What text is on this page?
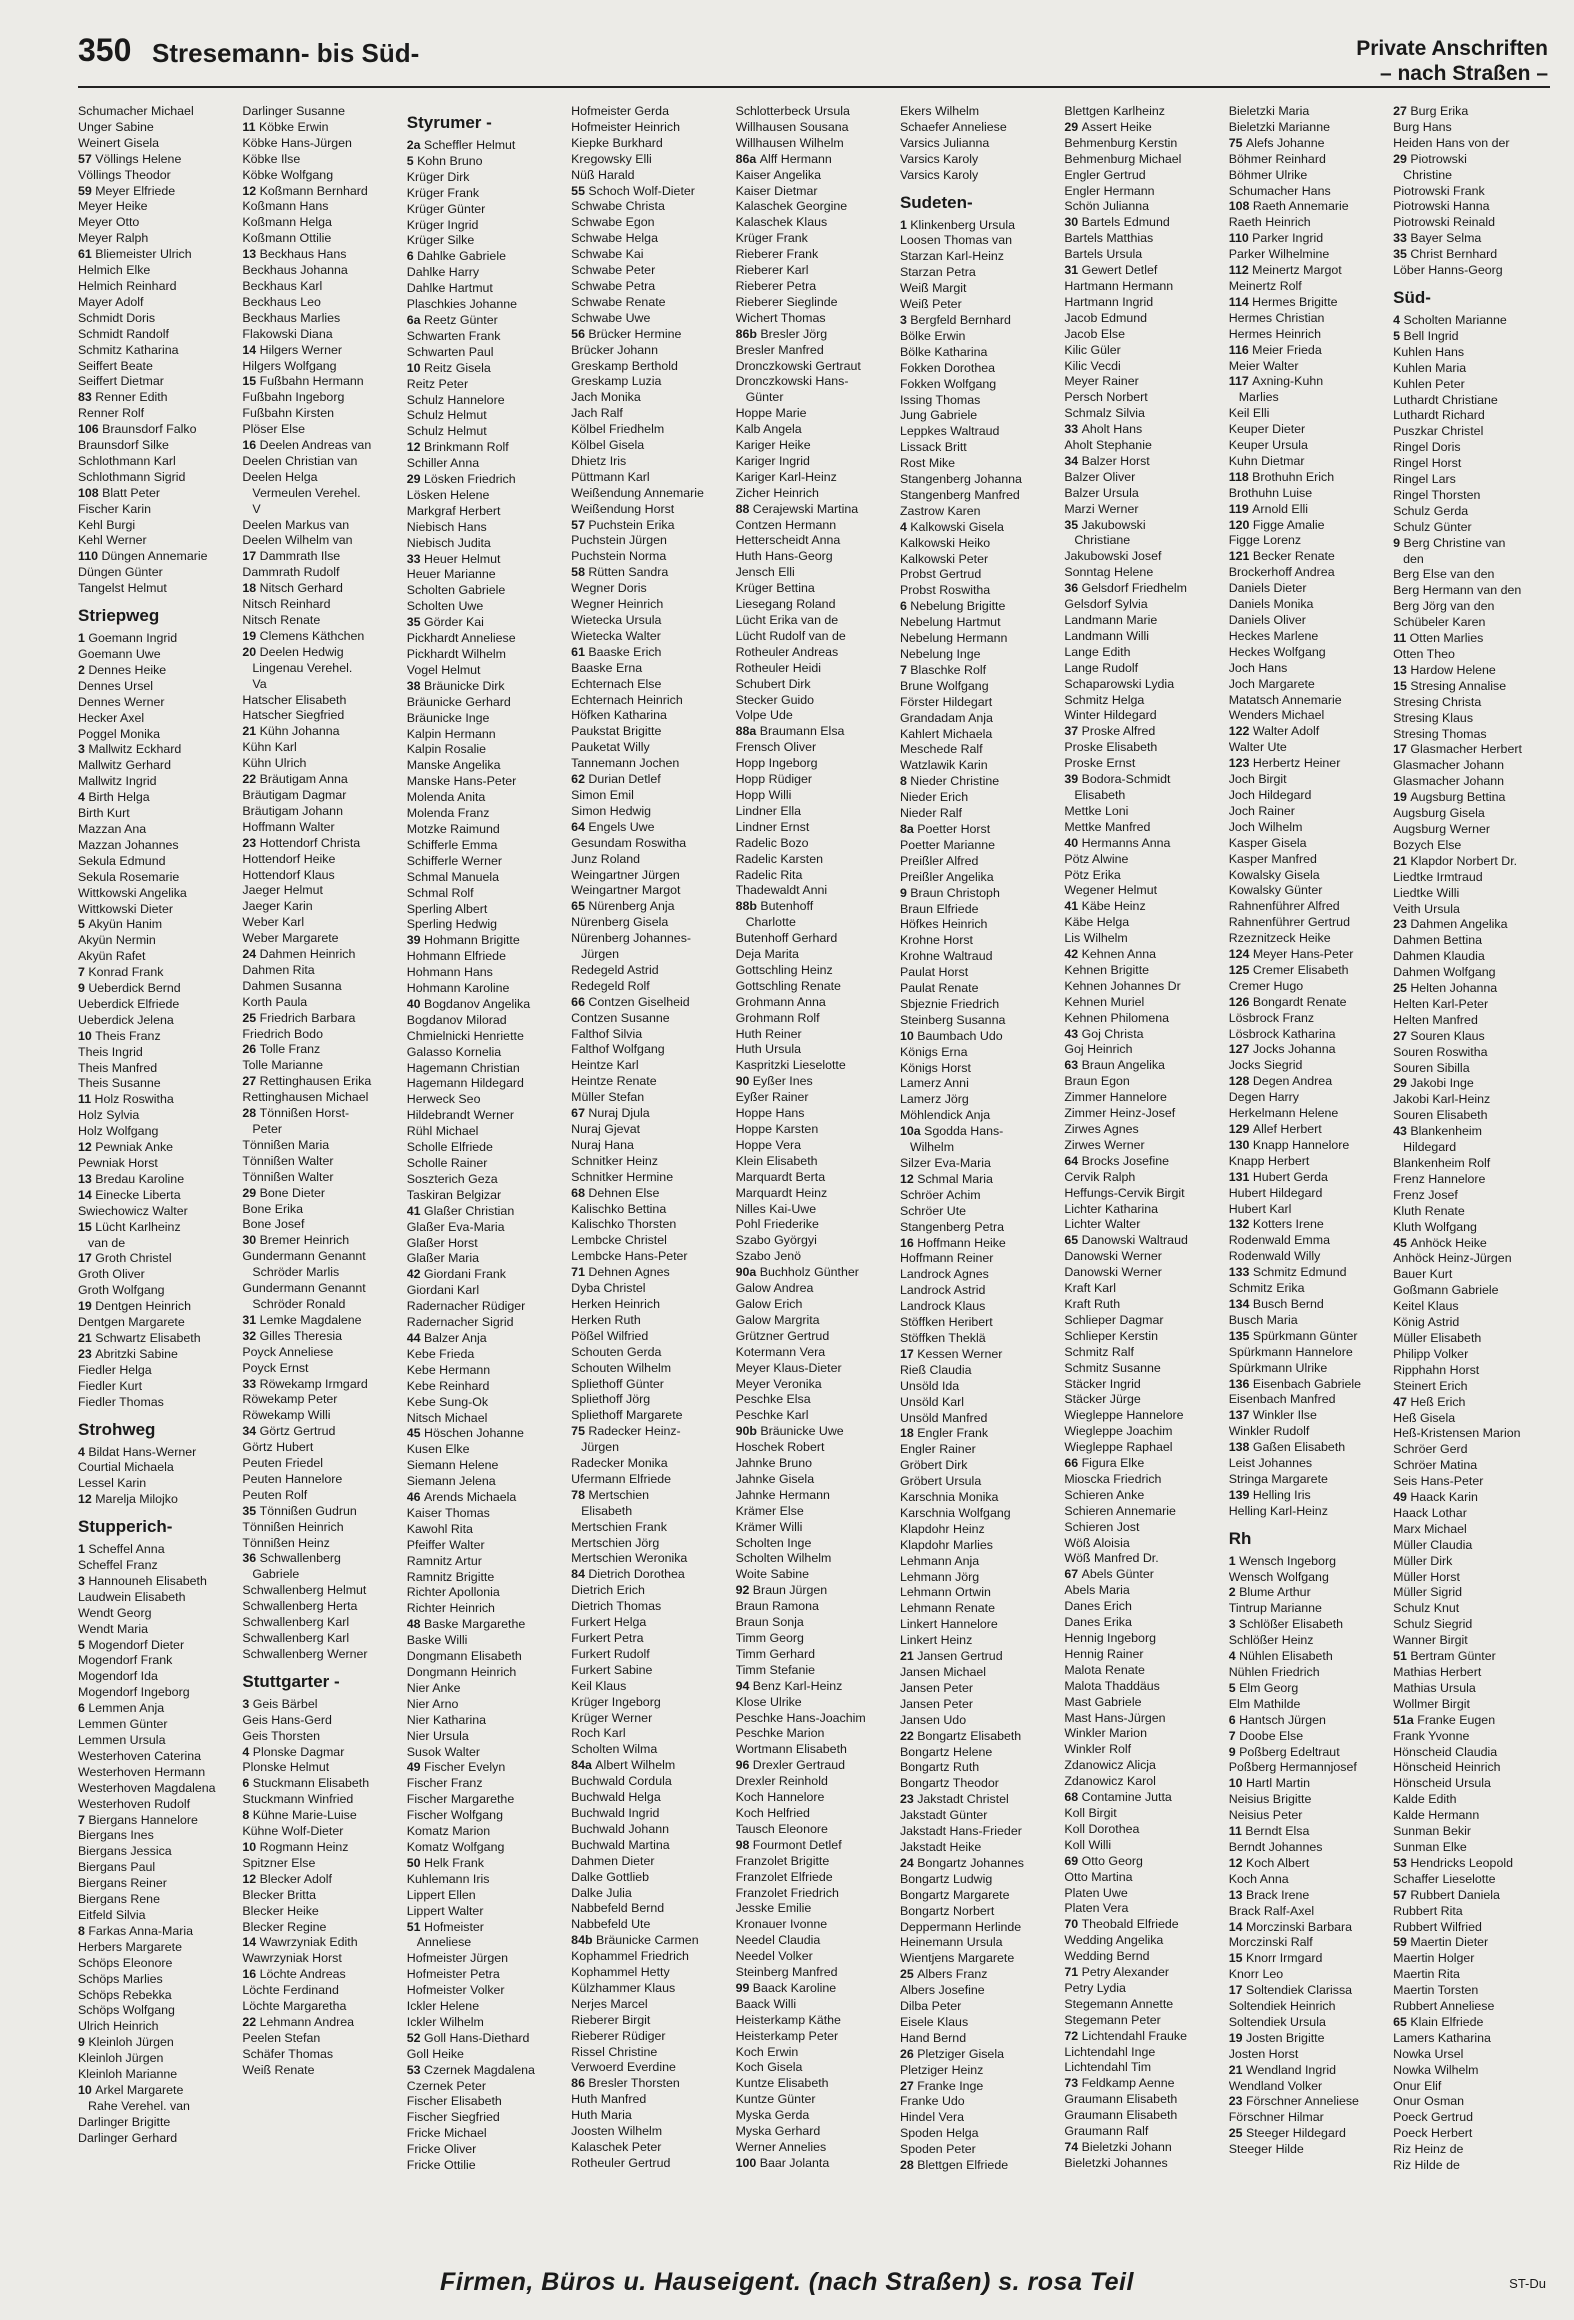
350 Stresemann- bis Süd-	Private Anschriften
– nach Straßen –
Schumacher Michael
Unger Sabine
Weinert Gisela
57 Völlings Helene
Völlings Theodor
59 Meyer Elfriede
Meyer Heike
Meyer Otto
Meyer Ralph
61 Bliemeister Ulrich
Helmich Elke
Helmich Reinhard
Mayer Adolf
Schmidt Doris
Schmidt Randolf
Schmitz Katharina
Seiffert Beate
Seiffert Dietmar
83 Renner Edith
Renner Rolf
106 Braunsdorf Falko
Braunsdorf Silke
Schlothmann Karl
Schlothmann Sigrid
108 Blatt Peter
Fischer Karin
Kehl Burgi
Kehl Werner
110 Düngen Annemarie
Düngen Günter
Tangelst Helmut
Striepweg
1 Goemann Ingrid
Goemann Uwe
2 Dennes Heike
Dennes Ursel
Dennes Werner
Hecker Axel
Poggel Monika
3 Mallwitz Eckhard
Mallwitz Gerhard
Mallwitz Ingrid
4 Birth Helga
Birth Kurt
Mazzan Ana
Mazzan Johannes
Sekula Edmund
Sekula Rosemarie
Wittkowski Angelika
Wittkowski Dieter
5 Akyün Hanim
Akyün Nermin
Akyün Rafet
7 Konrad Frank
9 Ueberdick Bernd
Ueberdick Elfriede
Ueberdick Jelena
10 Theis Franz
Theis Ingrid
Theis Manfred
Theis Susanne
11 Holz Roswitha
Holz Sylvia
Holz Wolfgang
12 Pewniak Anke
Pewniak Horst
13 Bredau Karoline
14 Einecke Liberta
Swiechowicz Walter
15 Lücht Karlheinz
van de
17 Groth Christel
Groth Oliver
Groth Wolfgang
19 Dentgen Heinrich
Dentgen Margarete
21 Schwartz Elisabeth
23 Abritzki Sabine
Fiedler Helga
Fiedler Kurt
Fiedler Thomas
Strohweg
4 Bildat Hans-Werner
Courtial Michaela
Lessel Karin
12 Marelja Milojko
Stupperich-
1 Scheffel Anna
Scheffel Franz
3 Hannouneh Elisabeth
Laudwein Elisabeth
Wendt Georg
Wendt Maria
5 Mogendorf Dieter
Mogendorf Frank
Mogendorf Ida
Mogendorf Ingeborg
6 Lemmen Anja
Lemmen Günter
Lemmen Ursula
Westerhoven Caterina
Westerhoven Hermann
Westerhoven Magdalena
Westerhoven Rudolf
7 Biergans Hannelore
Biergans Ines
Biergans Jessica
Biergans Paul
Biergans Reiner
Biergans Rene
Eitfeld Silvia
8 Farkas Anna-Maria
Herbers Margarete
Schöps Eleonore
Schöps Marlies
Schöps Rebekka
Schöps Wolfgang
Ulrich Heinrich
9 Kleinloh Jürgen
Kleinloh Jürgen
Kleinloh Marianne
10 Arkel Margarete
Rahe Verehel. van
Darlinger Brigitte
Darlinger Gerhard
Darlinger Susanne
11 Köbke Erwin
Köbke Hans-Jürgen
Köbke Ilse
Köbke Wolfgang
12 Koßmann Bernhard
Koßmann Hans
Koßmann Helga
Koßmann Ottilie
13 Beckhaus Hans
Beckhaus Johanna
Beckhaus Karl
Beckhaus Leo
Beckhaus Marlies
Flakowski Diana
14 Hilgers Werner
Hilgers Wolfgang
15 Fußbahn Hermann
Fußbahn Ingeborg
Fußbahn Kirsten
Plöser Else
16 Deelen Andreas van
Deelen Christian van
Deelen Helga
Vermeulen Verehel.
V
Deelen Markus van
Deelen Wilhelm van
17 Dammrath Ilse
Dammrath Rudolf
18 Nitsch Gerhard
Nitsch Reinhard
Nitsch Renate
19 Clemens Käthchen
20 Deelen Hedwig
Lingenau Verehel.
Va
Hatscher Elisabeth
Hatscher Siegfried
21 Kühn Johanna
Kühn Karl
Kühn Ulrich
22 Bräutigam Anna
Bräutigam Dagmar
Bräutigam Johann
Hoffmann Walter
23 Hottendorf Christa
Hottendorf Heike
Hottendorf Klaus
Jaeger Helmut
Jaeger Karin
Weber Karl
Weber Margarete
24 Dahmen Heinrich
Dahmen Rita
Dahmen Susanna
Korth Paula
25 Friedrich Barbara
Friedrich Bodo
26 Tolle Franz
Tolle Marianne
27 Rettinghausen Erika
Rettinghausen Michael
28 Tönnißen Horst-
Peter
Tönnißen Maria
Tönnißen Walter
Tönnißen Walter
29 Bone Dieter
Bone Erika
Bone Josef
30 Bremer Heinrich
Gundermann Genannt
Schröder Marlis
Gundermann Genannt
Schröder Ronald
31 Lemke Magdalene
32 Gilles Theresia
Poyck Anneliese
Poyck Ernst
33 Röwekamp Irmgard
Röwekamp Peter
Röwekamp Willi
34 Görtz Gertrud
Görtz Hubert
Peuten Friedel
Peuten Hannelore
Peuten Rolf
35 Tönnißen Gudrun
Tönnißen Heinrich
Tönnißen Heinz
36 Schwallenberg
Gabriele
Schwallenberg Helmut
Schwallenberg Herta
Schwallenberg Karl
Schwallenberg Karl
Schwallenberg Werner
Stuttgarter -
3 Geis Bärbel
Geis Hans-Gerd
Geis Thorsten
4 Plonske Dagmar
Plonske Helmut
6 Stuckmann Elisabeth
Stuckmann Winfried
8 Kühne Marie-Luise
Kühne Wolf-Dieter
10 Rogmann Heinz
Spitzner Else
12 Blecker Adolf
Blecker Britta
Blecker Heike
Blecker Regine
14 Wawrzyniak Edith
Wawrzyniak Horst
16 Löchte Andreas
Löchte Ferdinand
Löchte Margaretha
22 Lehmann Andrea
Peelen Stefan
Schäfer Thomas
Weiß Renate
Styrumer -
2a Scheffler Helmut
5 Kohn Bruno
Krüger Dirk
Krüger Frank
Krüger Günter
Krüger Ingrid
Krüger Silke
6 Dahlke Gabriele
Dahlke Harry
Dahlke Hartmut
Plaschkies Johanne
6a Reetz Günter
Schwarten Frank
Schwarten Paul
10 Reitz Gisela
Reitz Peter
Schulz Hannelore
Schulz Helmut
Schulz Helmut
12 Brinkmann Rolf
Schiller Anna
29 Lösken Friedrich
Lösken Helene
Markgraf Herbert
Niebisch Hans
Niebisch Judita
33 Heuer Helmut
Heuer Marianne
Scholten Gabriele
Scholten Uwe
35 Görder Kai
Pickhardt Anneliese
Pickhardt Wilhelm
Vogel Helmut
38 Bräunicke Dirk
Bräunicke Gerhard
Bräunicke Inge
Kalpin Hermann
Kalpin Rosalie
Manske Angelika
Manske Hans-Peter
Molenda Anita
Molenda Franz
Motzke Raimund
Schifferle Emma
Schifferle Werner
Schmal Manuela
Schmal Rolf
Sperling Albert
Sperling Hedwig
39 Hohmann Brigitte
Hohmann Elfriede
Hohmann Hans
Hohmann Karoline
40 Bogdanov Angelika
Bogdanov Milorad
Chmielnicki Henriette
Galasso Kornelia
Hagemann Christian
Hagemann Hildegard
Herweck Seo
Hildebrandt Werner
Rühl Michael
Scholle Elfriede
Scholle Rainer
Soszterich Geza
Taskiran Belgizar
41 Glaßer Christian
Glaßer Eva-Maria
Glaßer Horst
Glaßer Maria
42 Giordani Frank
Giordani Karl
Radernacher Rüdiger
Radernacher Sigrid
44 Balzer Anja
Kebe Frieda
Kebe Hermann
Kebe Reinhard
Kebe Sung-Ok
Nitsch Michael
45 Höschen Johanne
Kusen Elke
Siemann Helene
Siemann Jelena
46 Arends Michaela
Kaiser Thomas
Kawohl Rita
Pfeiffer Walter
Ramnitz Artur
Ramnitz Brigitte
Richter Apollonia
Richter Heinrich
48 Baske Margarethe
Baske Willi
Dongmann Elisabeth
Dongmann Heinrich
Nier Anke
Nier Arno
Nier Katharina
Nier Ursula
Susok Walter
49 Fischer Evelyn
Fischer Franz
Fischer Margarethe
Fischer Wolfgang
Komatz Marion
Komatz Wolfgang
50 Helk Frank
Kuhlemann Iris
Lippert Ellen
Lippert Walter
51 Hofmeister
Anneliese
Hofmeister Jürgen
Hofmeister Petra
Hofmeister Volker
Ickler Helene
Ickler Wilhelm
52 Goll Hans-Diethard
Goll Heike
53 Czernek Magdalena
Czernek Peter
Fischer Elisabeth
Fischer Siegfried
Fricke Michael
Fricke Oliver
Fricke Ottilie
Hofmeister Gerda
Hofmeister Heinrich
Kiepke Burkhard
Kregowsky Elli
Nüß Harald
55 Schoch Wolf-Dieter
Schwabe Christa
Schwabe Egon
Schwabe Helga
Schwabe Kai
Schwabe Peter
Schwabe Petra
Schwabe Renate
Schwabe Uwe
56 Brücker Hermine
Brücker Johann
Greskamp Berthold
Greskamp Luzia
Jach Monika
Jach Ralf
Kölbel Friedhelm
Kölbel Gisela
Dhietz Iris
Püttmann Karl
Weißendung Annemarie
Weißendung Horst
57 Puchstein Erika
Puchstein Jürgen
Puchstein Norma
58 Rütten Sandra
Wegner Doris
Wegner Heinrich
Wietecka Ursula
Wietecka Walter
61 Baaske Erich
Baaske Erna
Echternach Else
Echternach Heinrich
Höfken Katharina
Paukstat Brigitte
Pauketat Willy
Tannemann Jochen
62 Durian Detlef
Simon Emil
Simon Hedwig
64 Engels Uwe
Gesundam Roswitha
Junz Roland
Weingartner Jürgen
Weingartner Margot
65 Nürenberg Anja
Nürenberg Gisela
Nürenberg Johannes-
Jürgen
Redegeld Astrid
Redegeld Rolf
66 Contzen Giselheid
Contzen Susanne
Falthof Silvia
Falthof Wolfgang
Heintze Karl
Heintze Renate
Müller Stefan
67 Nuraj Djula
Nuraj Gjevat
Nuraj Hana
Schnitker Heinz
Schnitker Hermine
68 Dehnen Else
Kalischko Bettina
Kalischko Thorsten
Lembcke Christel
Lembcke Hans-Peter
71 Dehnen Agnes
Dyba Christel
Herken Heinrich
Herken Ruth
Pößel Wilfried
Schouten Gerda
Schouten Wilhelm
Spliethoff Günter
Spliethoff Jörg
Spliethoff Margarete
75 Radecker Heinz-
Jürgen
Radecker Monika
Ufermann Elfriede
78 Mertschien
Elisabeth
Mertschien Frank
Mertschien Jörg
Mertschien Weronika
84 Dietrich Dorothea
Dietrich Erich
Dietrich Thomas
Furkert Helga
Furkert Petra
Furkert Rudolf
Furkert Sabine
Keil Klaus
Krüger Ingeborg
Krüger Werner
Roch Karl
Scholten Wilma
84a Albert Wilhelm
Buchwald Cordula
Buchwald Helga
Buchwald Ingrid
Buchwald Johann
Buchwald Martina
Dahmen Dieter
Dalke Gottlieb
Dalke Julia
Nabbefeld Bernd
Nabbefeld Ute
84b Bräunicke Carmen
Kophammel Friedrich
Kophammel Hetty
Külzhammer Klaus
Nerjes Marcel
Rieberer Birgit
Rieberer Rüdiger
Rissel Christine
Verwoerd Everdine
86 Bresler Thorsten
Huth Manfred
Huth Maria
Joosten Wilhelm
Kalaschek Peter
Rotheuler Gertrud
Schlotterbeck Ursula
Willhausen Sousana
Willhausen Wilhelm
86a Alff Hermann
Kaiser Angelika
Kaiser Dietmar
Kalaschek Georgine
Kalaschek Klaus
Krüger Frank
Rieberer Frank
Rieberer Karl
Rieberer Petra
Rieberer Sieglinde
Wichert Thomas
86b Bresler Jörg
Bresler Manfred
Dronczkowski Gertraut
Dronczkowski Hans-
Günter
Hoppe Marie
Kalb Angela
Kariger Heike
Kariger Ingrid
Kariger Karl-Heinz
Zicher Heinrich
88 Cerajewski Martina
Contzen Hermann
Hetterscheidt Anna
Huth Hans-Georg
Jensch Elli
Krüger Bettina
Liesegang Roland
Lücht Erika van de
Lücht Rudolf van de
Rotheuler Andreas
Rotheuler Heidi
Schubert Dirk
Stecker Guido
Volpe Ude
88a Braumann Elsa
Frensch Oliver
Hopp Ingeborg
Hopp Rüdiger
Hopp Willi
Lindner Ella
Lindner Ernst
Radelic Bozo
Radelic Karsten
Radelic Rita
Thadewaldt Anni
88b Butenhoff
Charlotte
Butenhoff Gerhard
Deja Marita
Gottschling Heinz
Gottschling Renate
Grohmann Anna
Grohmann Rolf
Huth Reiner
Huth Ursula
Kaspritzki Lieselotte
90 Eyßer Ines
Eyßer Rainer
Hoppe Hans
Hoppe Karsten
Hoppe Vera
Klein Elisabeth
Marquardt Berta
Marquardt Heinz
Nilles Kai-Uwe
Pohl Friederike
Szabo Györgyi
Szabo Jenö
90a Buchholz Günther
Galow Andrea
Galow Erich
Galow Margrita
Grützner Gertrud
Kotermann Vera
Meyer Klaus-Dieter
Meyer Veronika
Peschke Elsa
Peschke Karl
90b Bräunicke Uwe
Hoschek Robert
Jahnke Bruno
Jahnke Gisela
Jahnke Hermann
Krämer Else
Krämer Willi
Scholten Inge
Scholten Wilhelm
Woite Sabine
92 Braun Jürgen
Braun Ramona
Braun Sonja
Timm Georg
Timm Gerhard
Timm Stefanie
94 Benz Karl-Heinz
Klose Ulrike
Peschke Hans-Joachim
Peschke Marion
Wortmann Elisabeth
96 Drexler Gertraud
Drexler Reinhold
Koch Hannelore
Koch Helfried
Tausch Eleonore
98 Fourmont Detlef
Franzolet Brigitte
Franzolet Elfriede
Franzolet Friedrich
Jesske Emilie
Kronauer Ivonne
Needel Claudia
Needel Volker
Steinberg Manfred
99 Baack Karoline
Baack Willi
Heisterkamp Käthe
Heisterkamp Peter
Koch Erwin
Koch Gisela
Kuntze Elisabeth
Kuntze Günter
Myska Gerda
Myska Gerhard
Werner Annelies
100 Baar Jolanta
Ekers Wilhelm
Schaefer Anneliese
Varsics Julianna
Varsics Karoly
Varsics Karoly
Sudeten-
1 Klinkenberg Ursula
Loosen Thomas van
Starzan Karl-Heinz
Starzan Petra
Weiß Margit
Weiß Peter
3 Bergfeld Bernhard
Bölke Erwin
Bölke Katharina
Fokken Dorothea
Fokken Wolfgang
Issing Thomas
Jung Gabriele
Leppkes Waltraud
Lissack Britt
Rost Mike
Stangenberg Johanna
Stangenberg Manfred
Zastrow Karen
4 Kalkowski Gisela
Kalkowski Heiko
Kalkowski Peter
Probst Gertrud
Probst Roswitha
6 Nebelung Brigitte
Nebelung Hartmut
Nebelung Hermann
Nebelung Inge
7 Blaschke Rolf
Brune Wolfgang
Förster Hildegart
Grandadam Anja
Kahlert Michaela
Meschede Ralf
Watzlawik Karin
8 Nieder Christine
Nieder Erich
Nieder Ralf
8a Poetter Horst
Poetter Marianne
Preißler Alfred
Preißler Angelika
9 Braun Christoph
Braun Elfriede
Höfkes Heinrich
Krohne Horst
Krohne Waltraud
Paulat Horst
Paulat Renate
Sbjeznie Friedrich
Steinberg Susanna
10 Baumbach Udo
Königs Erna
Königs Horst
Lamerz Anni
Lamerz Jörg
Möhlendick Anja
10a Sgodda Hans-
Wilhelm
Silzer Eva-Maria
12 Schmal Maria
Schröer Achim
Schröer Ute
Stangenberg Petra
16 Hoffmann Heike
Hoffmann Reiner
Landrock Agnes
Landrock Astrid
Landrock Klaus
Stöffken Heribert
Stöffken Theklä
17 Kessen Werner
Rieß Claudia
Unsöld Ida
Unsöld Karl
Unsöld Manfred
18 Engler Frank
Engler Rainer
Gröbert Dirk
Gröbert Ursula
Karschnia Monika
Karschnia Wolfgang
Klapdohr Heinz
Klapdohr Marlies
Lehmann Anja
Lehmann Jörg
Lehmann Ortwin
Lehmann Renate
Linkert Hannelore
Linkert Heinz
21 Jansen Gertrud
Jansen Michael
Jansen Peter
Jansen Peter
Jansen Udo
22 Bongartz Elisabeth
Bongartz Helene
Bongartz Ruth
Bongartz Theodor
23 Jakstadt Christel
Jakstadt Günter
Jakstadt Hans-Frieder
Jakstadt Heike
24 Bongartz Johannes
Bongartz Ludwig
Bongartz Margarete
Bongartz Norbert
Deppermann Herlinde
Heinemann Ursula
Wientjens Margarete
25 Albers Franz
Albers Josefine
Dilba Peter
Eisele Klaus
Hand Bernd
26 Pletziger Gisela
Pletziger Heinz
27 Franke Inge
Franke Udo
Hindel Vera
Spoden Helga
Spoden Peter
28 Blettgen Elfriede
Blettgen Karlheinz
29 Assert Heike
Behmenburg Kerstin
Behmenburg Michael
Engler Gertrud
Engler Hermann
Schön Julianna
30 Bartels Edmund
Bartels Matthias
Bartels Ursula
31 Gewert Detlef
Hartmann Hermann
Hartmann Ingrid
Jacob Edmund
Jacob Else
Kilic Güler
Kilic Vecdi
Meyer Rainer
Persch Norbert
Schmalz Silvia
33 Aholt Hans
Aholt Stephanie
34 Balzer Horst
Balzer Oliver
Balzer Ursula
Marzi Werner
35 Jakubowski
Christiane
Jakubowski Josef
Sonntag Helene
36 Gelsdorf Friedhelm
Gelsdorf Sylvia
Landmann Marie
Landmann Willi
Lange Edith
Lange Rudolf
Schaparowski Lydia
Schmitz Helga
Winter Hildegard
37 Proske Alfred
Proske Elisabeth
Proske Ernst
39 Bodora-Schmidt
Elisabeth
Mettke Loni
Mettke Manfred
40 Hermanns Anna
Pötz Alwine
Pötz Erika
Wegener Helmut
41 Käbe Heinz
Käbe Helga
Lis Wilhelm
42 Kehnen Anna
Kehnen Brigitte
Kehnen Johannes Dr
Kehnen Muriel
Kehnen Philomena
43 Goj Christa
Goj Heinrich
63 Braun Angelika
Braun Egon
Zimmer Hannelore
Zimmer Heinz-Josef
Zirwes Agnes
Zirwes Werner
64 Brocks Josefine
Cervik Ralph
Heffungs-Cervik Birgit
Lichter Katharina
Lichter Walter
65 Danowski Waltraud
Danowski Werner
Danowski Werner
Kraft Karl
Kraft Ruth
Schlieper Dagmar
Schlieper Kerstin
Schmitz Ralf
Schmitz Susanne
Stäcker Ingrid
Stäcker Jürge
Wiegleppe Hannelore
Wiegleppe Joachim
Wiegleppe Raphael
66 Figura Elke
Mioscka Friedrich
Schieren Anke
Schieren Annemarie
Schieren Jost
Wöß Aloisia
Wöß Manfred Dr.
67 Abels Günter
Abels Maria
Danes Erich
Danes Erika
Hennig Ingeborg
Hennig Rainer
Malota Renate
Malota Thaddäus
Mast Gabriele
Mast Hans-Jürgen
Winkler Marion
Winkler Rolf
Zdanowicz Alicja
Zdanowicz Karol
68 Contamine Jutta
Koll Birgit
Koll Dorothea
Koll Willi
69 Otto Georg
Otto Martina
Platen Uwe
Platen Vera
70 Theobald Elfriede
Wedding Angelika
Wedding Bernd
71 Petry Alexander
Petry Lydia
Stegemann Annette
Stegemann Peter
72 Lichtendahl Frauke
Lichtendahl Inge
Lichtendahl Tim
73 Feldkamp Aenne
Graumann Elisabeth
Graumann Elisabeth
Graumann Ralf
74 Bieletzki Johann
Bieletzki Johannes
Bieletzki Maria
Bieletzki Marianne
75 Alefs Johanne
Böhmer Reinhard
Böhmer Ulrike
Schumacher Hans
108 Raeth Annemarie
Raeth Heinrich
110 Parker Ingrid
Parker Wilhelmine
112 Meinertz Margot
Meinertz Rolf
114 Hermes Brigitte
Hermes Christian
Hermes Heinrich
116 Meier Frieda
Meier Walter
117 Axning-Kuhn
Marlies
Keil Elli
Keuper Dieter
Keuper Ursula
Kuhn Dietmar
118 Brothuhn Erich
Brothuhn Luise
119 Arnold Elli
120 Figge Amalie
Figge Lorenz
121 Becker Renate
Brockerhoff Andrea
Daniels Dieter
Daniels Monika
Daniels Oliver
Heckes Marlene
Heckes Wolfgang
Joch Hans
Joch Margarete
Matatsch Annemarie
Wenders Michael
122 Walter Adolf
Walter Ute
123 Herbertz Heiner
Joch Birgit
Joch Hildegard
Joch Rainer
Joch Wilhelm
Kasper Gisela
Kasper Manfred
Kowalsky Gisela
Kowalsky Günter
Rahnenführer Alfred
Rahnenführer Gertrud
Rzeznitzeck Heike
124 Meyer Hans-Peter
125 Cremer Elisabeth
Cremer Hugo
126 Bongardt Renate
Lösbrock Franz
Lösbrock Katharina
127 Jocks Johanna
Jocks Siegrid
128 Degen Andrea
Degen Harry
Herkelmann Helene
129 Allef Herbert
130 Knapp Hannelore
Knapp Herbert
131 Hubert Gerda
Hubert Hildegard
Hubert Karl
132 Kotters Irene
Rodenwald Emma
Rodenwald Willy
133 Schmitz Edmund
Schmitz Erika
134 Busch Bernd
Busch Maria
135 Spürkmann Günter
Spürkmann Hannelore
Spürkmann Ulrike
136 Eisenbach Gabriele
Eisenbach Manfred
137 Winkler Ilse
Winkler Rudolf
138 Gaßen Elisabeth
Leist Johannes
Stringa Margarete
139 Helling Iris
Helling Karl-Heinz
Rh
1 Wensch Ingeborg
Wensch Wolfgang
2 Blume Arthur
Tintrup Marianne
3 Schlößer Elisabeth
Schlößer Heinz
4 Nühlen Elisabeth
Nühlen Friedrich
5 Elm Georg
Elm Mathilde
6 Hantsch Jürgen
7 Doobe Else
9 Poßberg Edeltraut
Poßberg Hermannjosef
10 Hartl Martin
Neisius Brigitte
Neisius Peter
11 Berndt Elsa
Berndt Johannes
12 Koch Albert
Koch Anna
13 Brack Irene
Brack Ralf-Axel
14 Morczinski Barbara
Morczinski Ralf
15 Knorr Irmgard
Knorr Leo
17 Soltendiek Clarissa
Soltendiek Heinrich
Soltendiek Ursula
19 Josten Brigitte
Josten Horst
21 Wendland Ingrid
Wendland Volker
23 Förschner Anneliese
Förschner Hilmar
25 Steeger Hildegard
Steeger Hilde
27 Burg Erika
Burg Hans
Heiden Hans von der
29 Piotrowski
Christine
Piotrowski Frank
Piotrowski Hanna
Piotrowski Reinald
33 Bayer Selma
35 Christ Bernhard
Löber Hanns-Georg
Süd-
4 Scholten Marianne
5 Bell Ingrid
Kuhlen Hans
Kuhlen Maria
Kuhlen Peter
Luthardt Christiane
Luthardt Richard
Puszkar Christel
Ringel Doris
Ringel Horst
Ringel Lars
Ringel Thorsten
Schulz Gerda
Schulz Günter
9 Berg Christine van
den
Berg Else van den
Berg Hermann van den
Berg Jörg van den
Schübeler Karen
11 Otten Marlies
Otten Theo
13 Hardow Helene
15 Stresing Annalise
Stresing Christa
Stresing Klaus
Stresing Thomas
17 Glasmacher Herbert
Glasmacher Johann
Glasmacher Johann
19 Augsburg Bettina
Augsburg Gisela
Augsburg Werner
Bozych Else
21 Klapdor Norbert Dr.
Liedtke Irmtraud
Liedtke Willi
Veith Ursula
23 Dahmen Angelika
Dahmen Bettina
Dahmen Klaudia
Dahmen Wolfgang
25 Helten Johanna
Helten Karl-Peter
Helten Manfred
27 Souren Klaus
Souren Roswitha
Souren Sibilla
29 Jakobi Inge
Jakobi Karl-Heinz
Souren Elisabeth
43 Blankenheim
Hildegard
Blankenheim Rolf
Frenz Hannelore
Frenz Josef
Kluth Renate
Kluth Wolfgang
45 Anhöck Heike
Anhöck Heinz-Jürgen
Bauer Kurt
Goßmann Gabriele
Keitel Klaus
König Astrid
Müller Elisabeth
Philipp Volker
Ripphahn Horst
Steinert Erich
47 Heß Erich
Heß Gisela
Heß-Kristensen Marion
Schröer Gerd
Schröer Matina
Seis Hans-Peter
49 Haack Karin
Haack Lothar
Marx Michael
Müller Claudia
Müller Dirk
Müller Horst
Müller Sigrid
Schulz Knut
Schulz Siegrid
Wanner Birgit
51 Bertram Günter
Mathias Herbert
Mathias Ursula
Wollmer Birgit
51a Franke Eugen
Frank Yvonne
Hönscheid Claudia
Hönscheid Heinrich
Hönscheid Ursula
Kalde Edith
Kalde Hermann
Sunman Bekir
Sunman Elke
53 Hendricks Leopold
Schaffer Lieselotte
57 Rubbert Daniela
Rubbert Rita
Rubbert Wilfried
59 Maertin Dieter
Maertin Holger
Maertin Rita
Maertin Torsten
Rubbert Anneliese
65 Klain Elfriede
Lamers Katharina
Nowka Ursel
Nowka Wilhelm
Onur Elif
Onur Osman
Poeck Gertrud
Poeck Herbert
Riz Heinz de
Riz Hilde de
Firmen, Büros u. Hauseigent. (nach Straßen) s. rosa Teil	ST-Du
